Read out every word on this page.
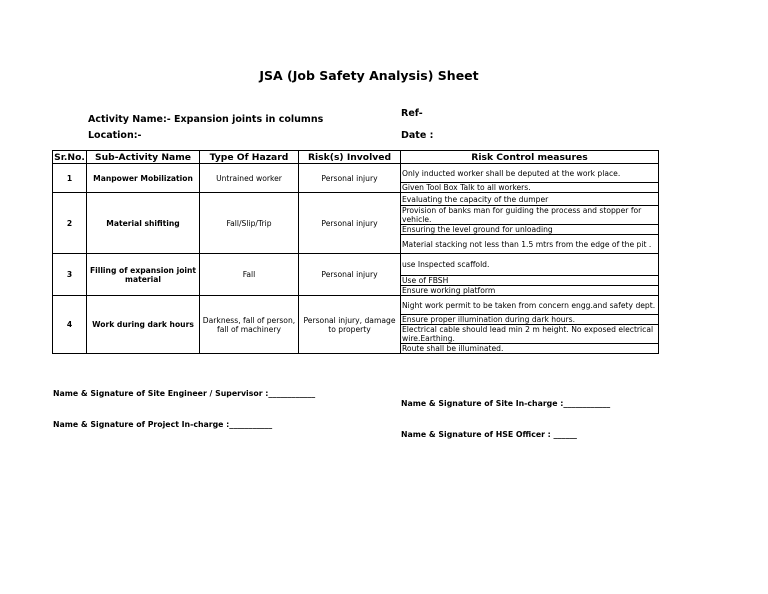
JSA (Job Safety Analysis) Sheet
Activity Name:- Expansion joints in columns
Location:-
Ref-
Date :
Sr.No.	Sub-Activity Name	Type Of Hazard	Risk(s) Involved	Risk Control measures
1	Manpower Mobilization	Untrained worker	Personal injury	Only inducted worker shall be deputed at the work place.
				Given Tool Box Talk to all workers.
2	Material shifiting	Fall/Slip/Trip	Personal injury	Evaluating the capacity of the dumper
				Provision of banks man for guiding the process and stopper for vehicle.
				Ensuring the level ground for unloading
				Material stacking not less than 1.5 mtrs from the edge of the pit .
3	Filling of expansion joint material	Fall	Personal injury	use Inspected scaffold.
				Use of FBSH
				Ensure working platform
4	Work during dark hours	Darkness, fall of person, fall of machinery	Personal injury, damage to property	Night work permit to be taken from concern engg.and safety dept.
				Ensure proper illumination during dark hours.
				Electrical cable should lead min 2 m height. No exposed electrical wire.Earthing.
				Route shall be illuminated.
Name & Signature of Site Engineer / Supervisor :____________
Name & Signature of Site In-charge :____________
Name & Signature of Project In-charge :___________
Name & Signature of HSE Officer : ______
